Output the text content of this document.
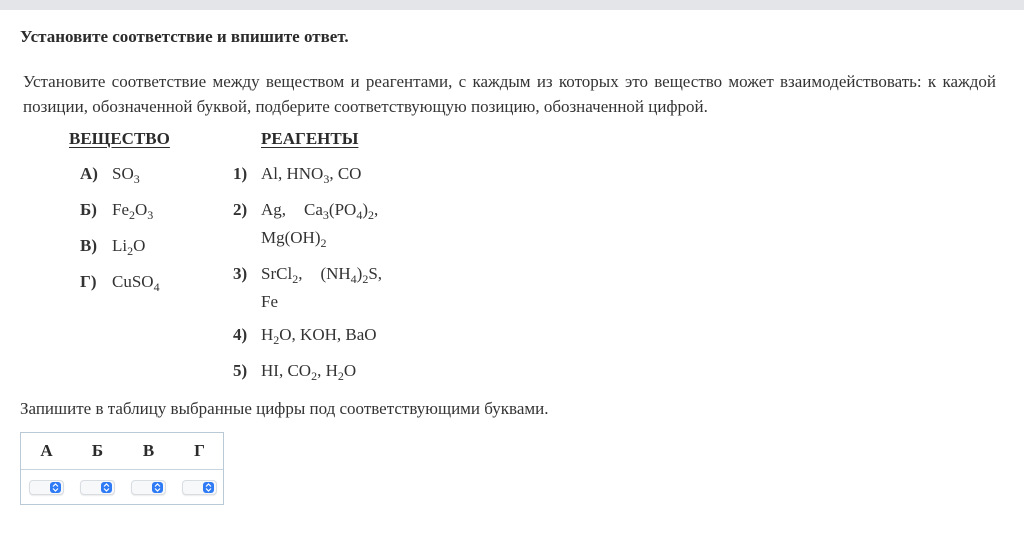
Установите соответствие и впишите ответ.
Установите соответствие между веществом и реагентами, с каждым из которых это вещество может взаимодействовать: к каждой позиции, обозначенной буквой, подберите соответствующую позицию, обозначенной цифрой.
ВЕЩЕСТВО	РЕАГЕНТЫ
А) $SO_3$
Б) $Fe_2O_3$
В) $Li_2O$
Г) CuSO$_4$
1) Al, $HNO_3$, CO
2) Ag, $Ca_3(PO_4)_2$,
$Mg(OH)_2$
3) SrCl$_2$, $(NH_4)_2S$,
Fe
4) $H_2O$, KOH, BaO
5) HI, $CO_2$, $H_2O$
Запишите в таблицу выбранные цифры под соответствующими буквами.
А	Б	В	Г
